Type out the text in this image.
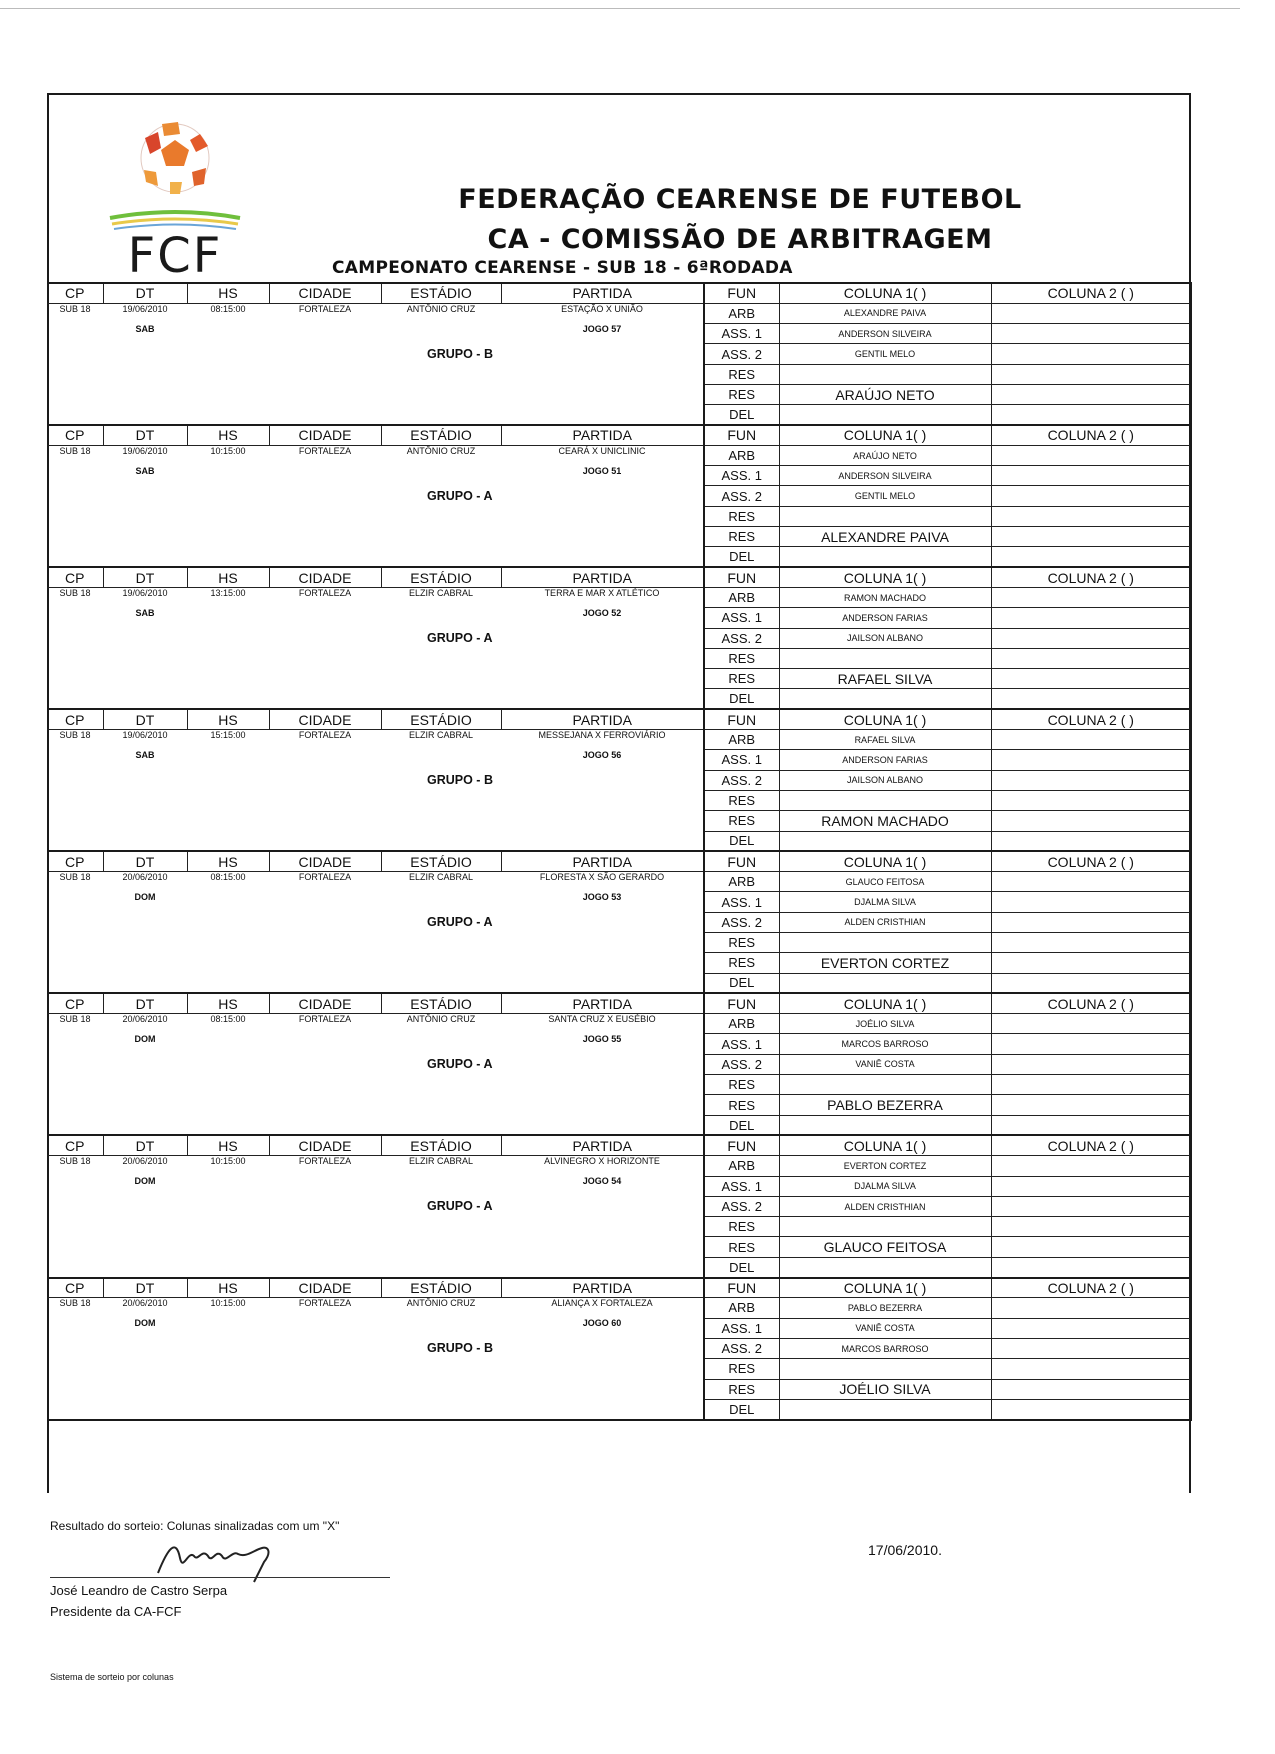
FCF
FEDERAÇÃO CEARENSE DE FUTEBOL
CA - COMISSÃO DE ARBITRAGEM
CAMPEONATO CEARENSE - SUB 18 - 6ªRODADA
CP	DT	HS	CIDADE	ESTÁDIO	PARTIDA	FUN	COLUNA 1( )	COLUNA 2 ( )
SUB 18	19/06/2010	08:15:00	FORTALEZA	ANTÔNIO CRUZ	ESTAÇÃO X UNIÃO	ARB	ALEXANDRE PAIVA	
	SAB				JOGO 57	ASS. 1	ANDERSON SILVEIRA	

				GRUPO - B		ASS. 2	GENTIL MELO	
						RES		
						RES	ARAÚJO NETO	
						DEL		
CP	DT	HS	CIDADE	ESTÁDIO	PARTIDA	FUN	COLUNA 1( )	COLUNA 2 ( )
SUB 18	19/06/2010	10:15:00	FORTALEZA	ANTÔNIO CRUZ	CEARÁ X UNICLINIC	ARB	ARAÚJO NETO	
	SAB				JOGO 51	ASS. 1	ANDERSON SILVEIRA	

				GRUPO - A		ASS. 2	GENTIL MELO	
						RES		
						RES	ALEXANDRE PAIVA	
						DEL		
CP	DT	HS	CIDADE	ESTÁDIO	PARTIDA	FUN	COLUNA 1( )	COLUNA 2 ( )
SUB 18	19/06/2010	13:15:00	FORTALEZA	ELZIR CABRAL	TERRA E MAR X ATLÉTICO	ARB	RAMON MACHADO	
	SAB				JOGO 52	ASS. 1	ANDERSON FARIAS	

				GRUPO - A		ASS. 2	JAILSON ALBANO	
						RES		
						RES	RAFAEL SILVA	
						DEL		
CP	DT	HS	CIDADE	ESTÁDIO	PARTIDA	FUN	COLUNA 1( )	COLUNA 2 ( )
SUB 18	19/06/2010	15:15:00	FORTALEZA	ELZIR CABRAL	MESSEJANA X FERROVIÁRIO	ARB	RAFAEL SILVA	
	SAB				JOGO 56	ASS. 1	ANDERSON FARIAS	

				GRUPO - B		ASS. 2	JAILSON ALBANO	
						RES		
						RES	RAMON MACHADO	
						DEL		
CP	DT	HS	CIDADE	ESTÁDIO	PARTIDA	FUN	COLUNA 1( )	COLUNA 2 ( )
SUB 18	20/06/2010	08:15:00	FORTALEZA	ELZIR CABRAL	FLORESTA X SÃO GERARDO	ARB	GLAUCO FEITOSA	
	DOM				JOGO 53	ASS. 1	DJALMA SILVA	

				GRUPO - A		ASS. 2	ALDEN CRISTHIAN	
						RES		
						RES	EVERTON CORTEZ	
						DEL		
CP	DT	HS	CIDADE	ESTÁDIO	PARTIDA	FUN	COLUNA 1( )	COLUNA 2 ( )
SUB 18	20/06/2010	08:15:00	FORTALEZA	ANTÔNIO CRUZ	SANTA CRUZ X EUSÉBIO	ARB	JOÉLIO SILVA	
	DOM				JOGO 55	ASS. 1	MARCOS BARROSO	

				GRUPO - A		ASS. 2	VANIÊ COSTA	
						RES		
						RES	PABLO BEZERRA	
						DEL		
CP	DT	HS	CIDADE	ESTÁDIO	PARTIDA	FUN	COLUNA 1( )	COLUNA 2 ( )
SUB 18	20/06/2010	10:15:00	FORTALEZA	ELZIR CABRAL	ALVINEGRO X HORIZONTE	ARB	EVERTON CORTEZ	
	DOM				JOGO 54	ASS. 1	DJALMA SILVA	

				GRUPO - A		ASS. 2	ALDEN CRISTHIAN	
						RES		
						RES	GLAUCO FEITOSA	
						DEL		
CP	DT	HS	CIDADE	ESTÁDIO	PARTIDA	FUN	COLUNA 1( )	COLUNA 2 ( )
SUB 18	20/06/2010	10:15:00	FORTALEZA	ANTÔNIO CRUZ	ALIANÇA X FORTALEZA	ARB	PABLO BEZERRA	
	DOM				JOGO 60	ASS. 1	VANIÊ COSTA	

				GRUPO - B		ASS. 2	MARCOS BARROSO	
						RES		
						RES	JOÉLIO SILVA	
						DEL		
Resultado do sorteio: Colunas sinalizadas com um "X"
José Leandro de Castro Serpa
Presidente da CA-FCF
17/06/2010.
Sistema de sorteio por colunas
